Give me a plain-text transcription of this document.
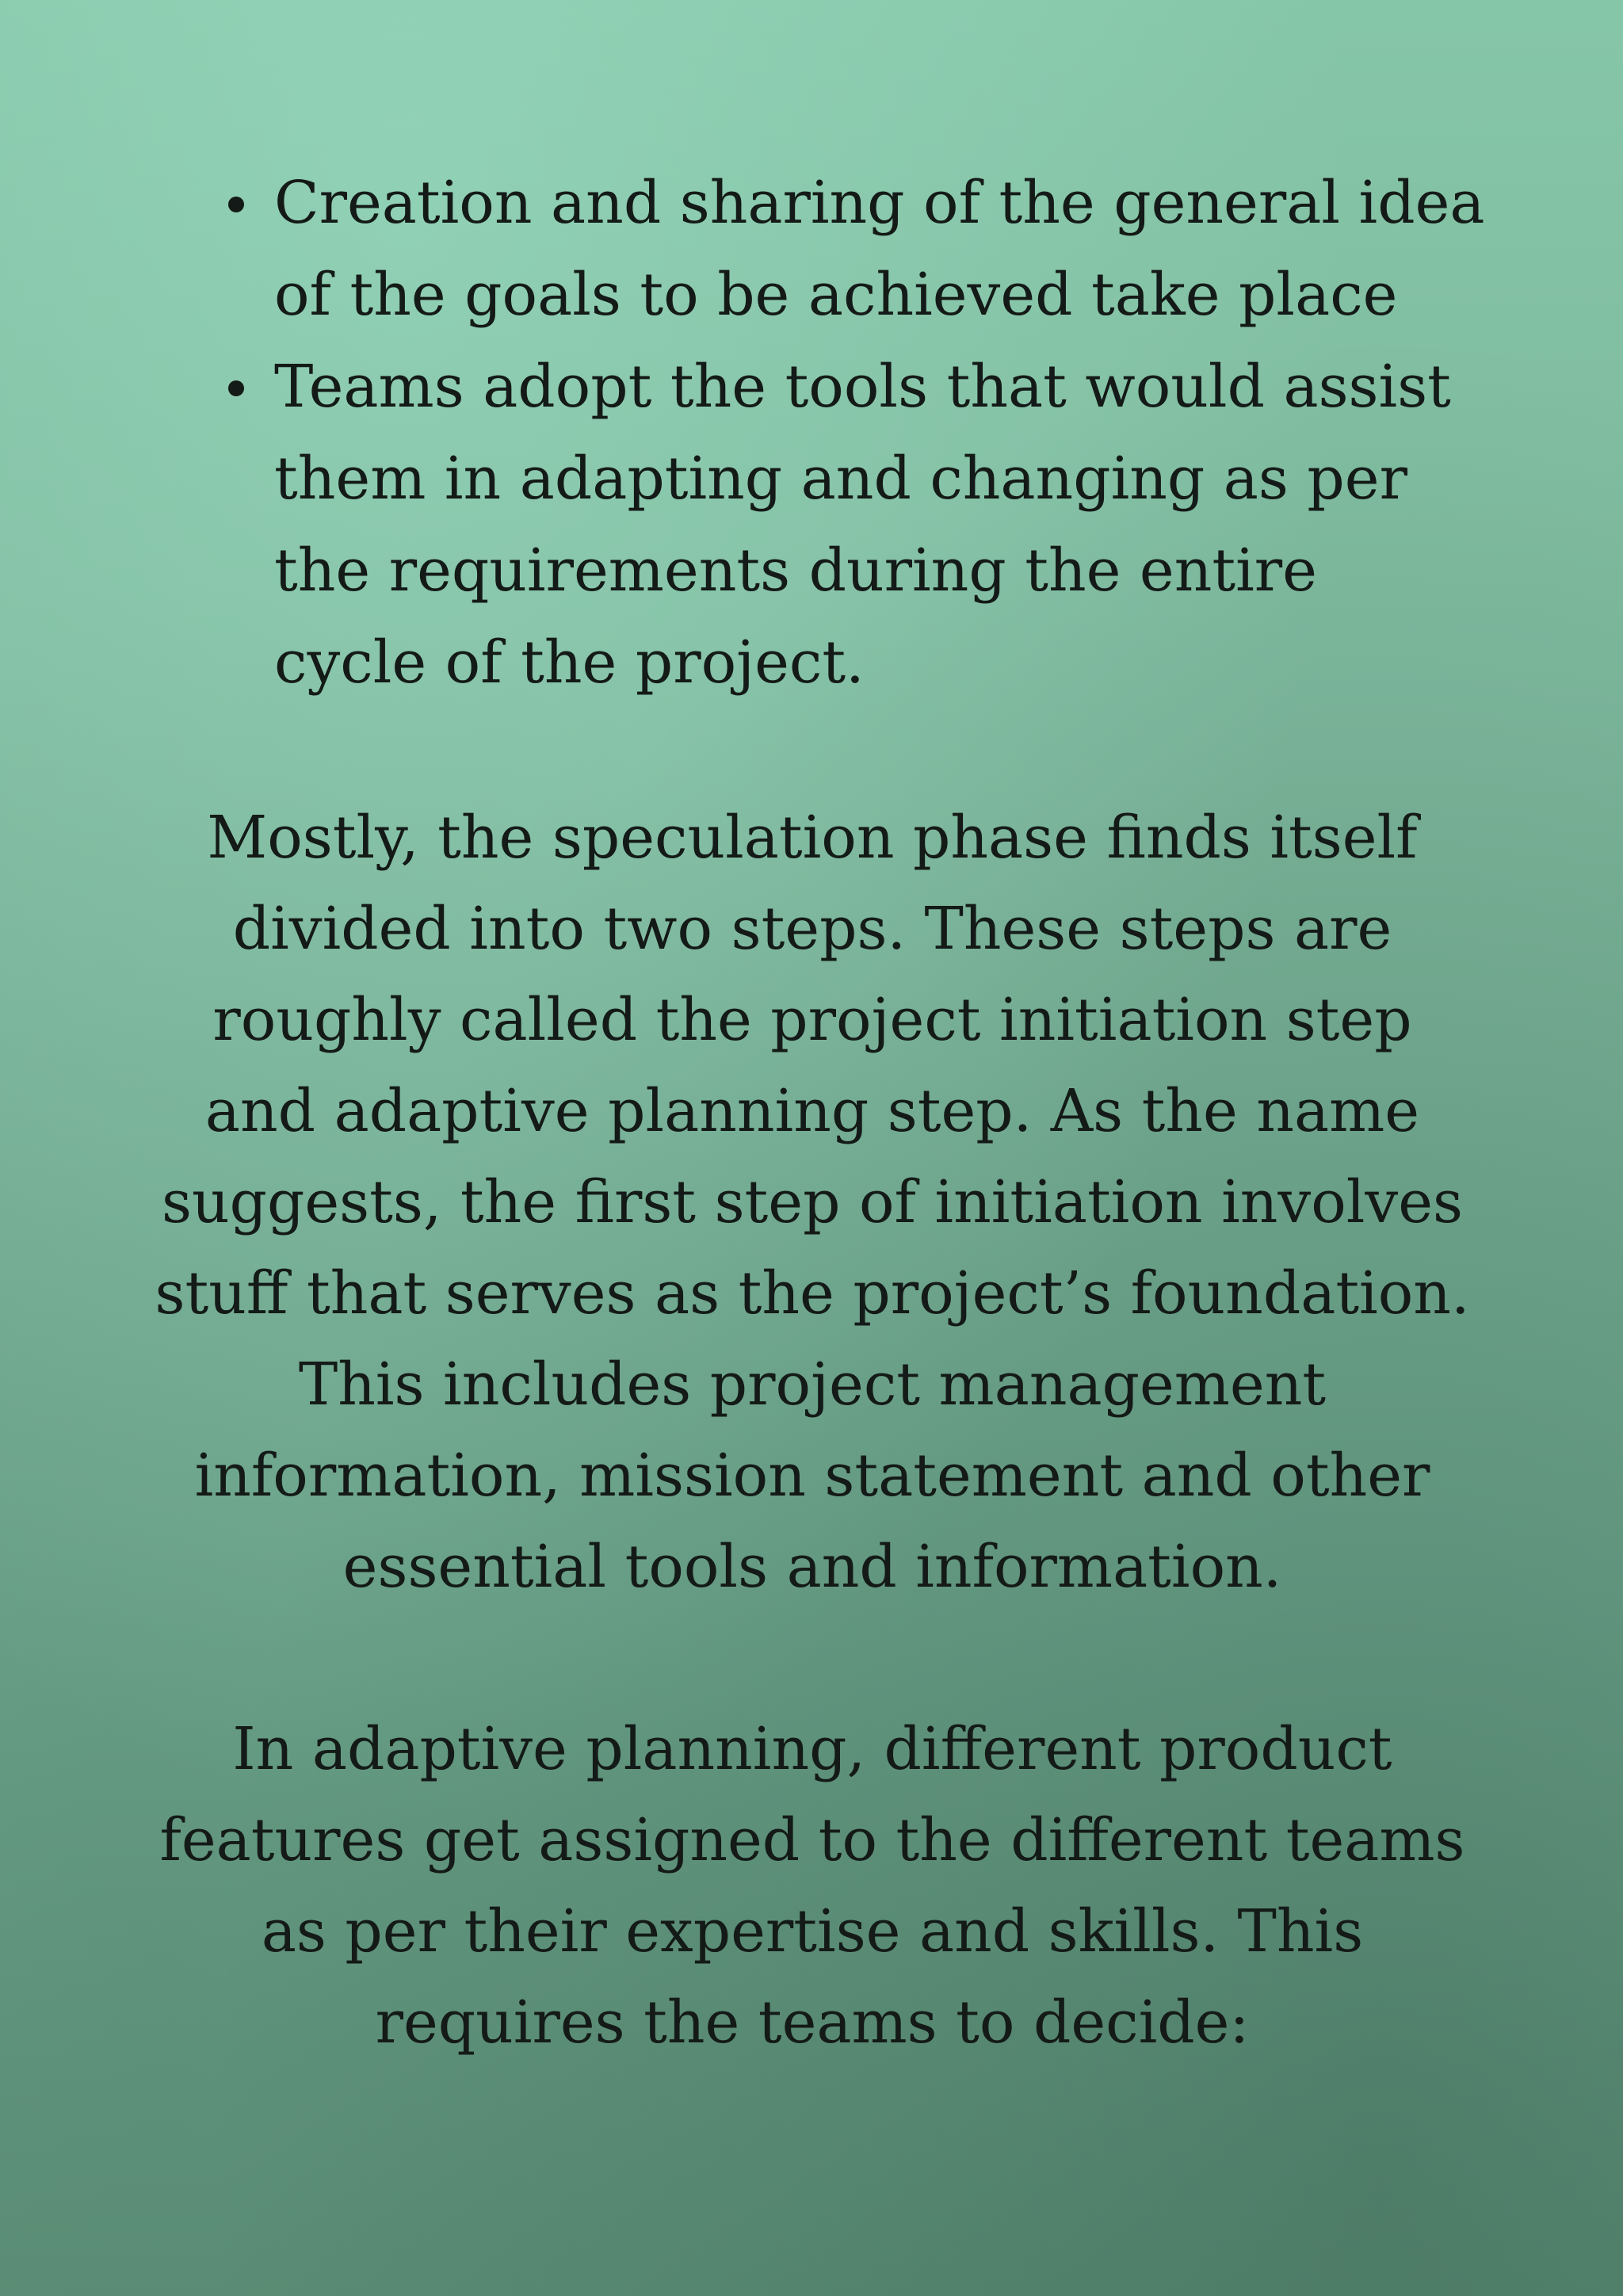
Creation and sharing of the general idea
of the goals to be achieved take place
Teams adopt the tools that would assist
them in adapting and changing as per
the requirements during the entire
cycle of the project.

Mostly, the speculation phase finds itself
divided into two steps. These steps are
roughly called the project initiation step
and adaptive planning step. As the name
suggests, the first step of initiation involves
stuff that serves as the project’s foundation.
This includes project management
information, mission statement and other
essential tools and information.

In adaptive planning, different product
features get assigned to the different teams
as per their expertise and skills. This
requires the teams to decide:
